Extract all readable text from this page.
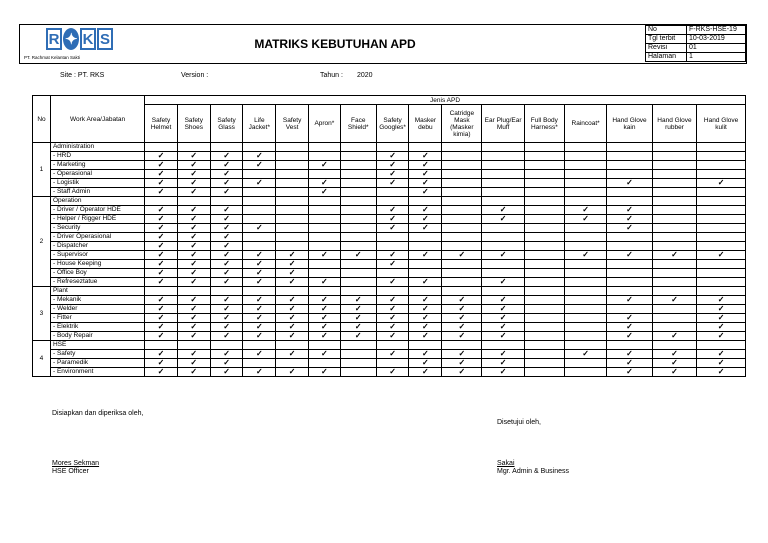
R ✦ K S
PT. Rachmat Kelantan Sakti
MATRIKS KEBUTUHAN APD
No	F-RKS-HSE-19
Tgl terbit	10-03-2019
Revisi	01
Halaman	1
Site : PT. RKS	Version :	Tahun : 2020
No	Work Area/Jabatan	Jenis APD															
		Safety Helmet	Safety Shoes	Safety Glass	Life Jacket*	Safety Vest	Apron*	Face Shield*	Safety Googles*	Masker debu	Catridge Mask (Masker kimia)	Ear Plug/Ear Muff	Full Body Harness*	Raincoat*	Hand Glove kain	Hand Glove rubber	Hand Glove kulit
1	Administration																
	- HRD	✓	✓	✓	✓				✓	✓							
	- Marketing	✓	✓	✓	✓		✓		✓	✓							
	- Operasional	✓	✓	✓					✓	✓							
	- Logistik	✓	✓	✓	✓		✓		✓	✓					✓		✓
	- Staff Admin	✓	✓	✓			✓			✓							
2	Operation																
	- Driver / Operator HDE	✓	✓	✓					✓	✓		✓		✓	✓		
	- Helper / Rigger HDE	✓	✓	✓					✓	✓		✓		✓	✓		
	- Security	✓	✓	✓	✓				✓	✓					✓		
	- Driver Operasional	✓	✓	✓													
	- Dispatcher	✓	✓	✓													
	- Supervisor	✓	✓	✓	✓	✓	✓	✓	✓	✓	✓	✓		✓	✓	✓	✓
	- House Keeping	✓	✓	✓	✓	✓			✓								
	- Office Boy	✓	✓	✓	✓	✓											
	- Refreseztatue	✓	✓	✓	✓	✓	✓		✓	✓		✓					
3	Plant																
	- Mekanik	✓	✓	✓	✓	✓	✓	✓	✓	✓	✓	✓			✓	✓	✓
	- Welder	✓	✓	✓	✓	✓	✓	✓	✓	✓	✓	✓					✓
	- Fitter	✓	✓	✓	✓	✓	✓	✓	✓	✓	✓	✓			✓		✓
	- Elektrik	✓	✓	✓	✓	✓	✓	✓	✓	✓	✓	✓			✓		✓
	- Body Repair	✓	✓	✓	✓	✓	✓	✓	✓	✓	✓	✓			✓	✓	✓
4	HSE																
	- Safety	✓	✓	✓	✓	✓	✓		✓	✓	✓	✓		✓	✓	✓	✓
	- Paramedik	✓	✓	✓						✓	✓	✓			✓	✓	✓
	- Environment	✓	✓	✓	✓	✓	✓		✓	✓	✓	✓			✓	✓	✓
Disiapkan dan diperiksa oleh,
Disetujui oleh,
Mores Sekman
HSE Officer
Sakai
Mgr. Admin & Business
